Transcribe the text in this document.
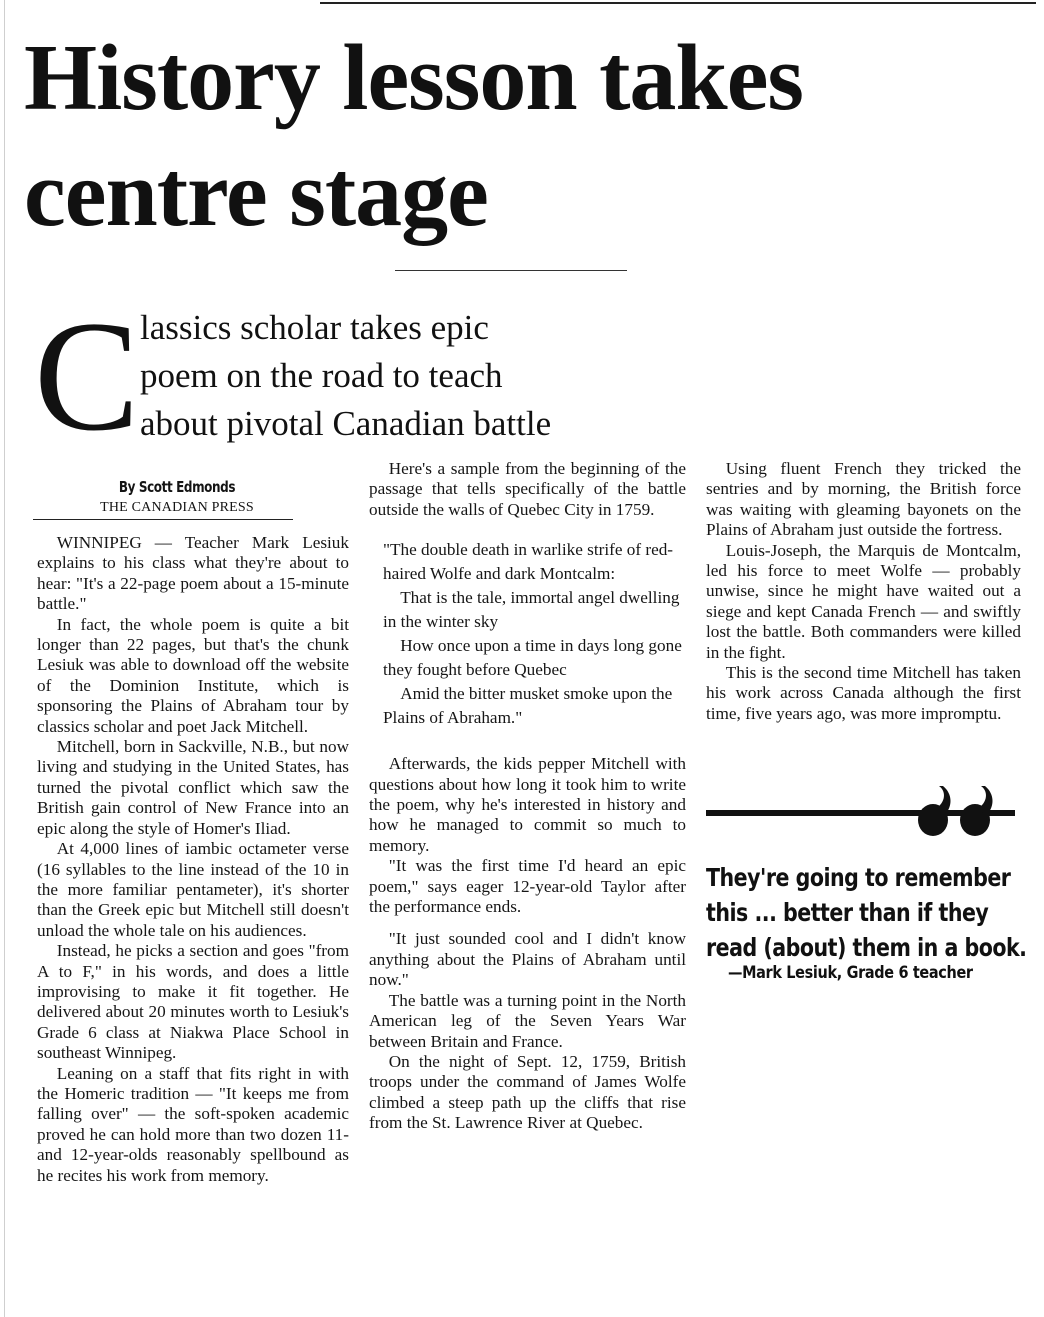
History lesson takes
centre stage
C lassics scholar takes epic
poem on the road to teach
about pivotal Canadian battle
By Scott Edmonds
THE CANADIAN PRESS

WINNIPEG — Teacher Mark Lesiuk explains to his class what they're about to hear: "It's a 22-page poem about a 15-minute battle."

In fact, the whole poem is quite a bit longer than 22 pages, but that's the chunk Lesiuk was able to download off the website of the Dominion Institute, which is sponsoring the Plains of Abraham tour by classics scholar and poet Jack Mitchell.

Mitchell, born in Sackville, N.B., but now living and studying in the United States, has turned the pivotal conflict which saw the British gain control of New France into an epic along the style of Homer's Iliad.

At 4,000 lines of iambic octameter verse (16 syllables to the line instead of the 10 in the more familiar pentameter), it's shorter than the Greek epic but Mitchell still doesn't unload the whole tale on his audiences.

Instead, he picks a section and goes "from A to F," in his words, and does a little improvising to make it fit together. He delivered about 20 minutes worth to Lesiuk's Grade 6 class at Niakwa Place School in southeast Winnipeg.

Leaning on a staff that fits right in with the Homeric tradition — "It keeps me from falling over" — the soft-spoken academic proved he can hold more than two dozen 11- and 12-year-olds reasonably spellbound as he recites his work from memory.

Here's a sample from the beginning of the passage that tells specifically of the battle outside the walls of Quebec City in 1759.

"The double death in warlike strife of red-haired Wolfe and dark Montcalm:

That is the tale, immortal angel dwelling in the winter sky

How once upon a time in days long gone they fought before Quebec

Amid the bitter musket smoke upon the Plains of Abraham."

Afterwards, the kids pepper Mitchell with questions about how long it took him to write the poem, why he's interested in history and how he managed to commit so much to memory.

"It was the first time I'd heard an epic poem," says eager 12-year-old Taylor after the performance ends.

"It just sounded cool and I didn't know anything about the Plains of Abraham until now."

The battle was a turning point in the North American leg of the Seven Years War between Britain and France.

On the night of Sept. 12, 1759, British troops under the command of James Wolfe climbed a steep path up the cliffs that rise from the St. Lawrence River at Quebec.

Using fluent French they tricked the sentries and by morning, the British force was waiting with gleaming bayonets on the Plains of Abraham just outside the fortress.

Louis-Joseph, the Marquis de Montcalm, led his force to meet Wolfe — probably unwise, since he might have waited out a siege and kept Canada French — and swiftly lost the battle. Both commanders were killed in the fight.

This is the second time Mitchell has taken his work across Canada although the first time, five years ago, was more impromptu.

They're going to remember
this ... better than if they
read (about) them in a book.
—Mark Lesiuk, Grade 6 teacher
